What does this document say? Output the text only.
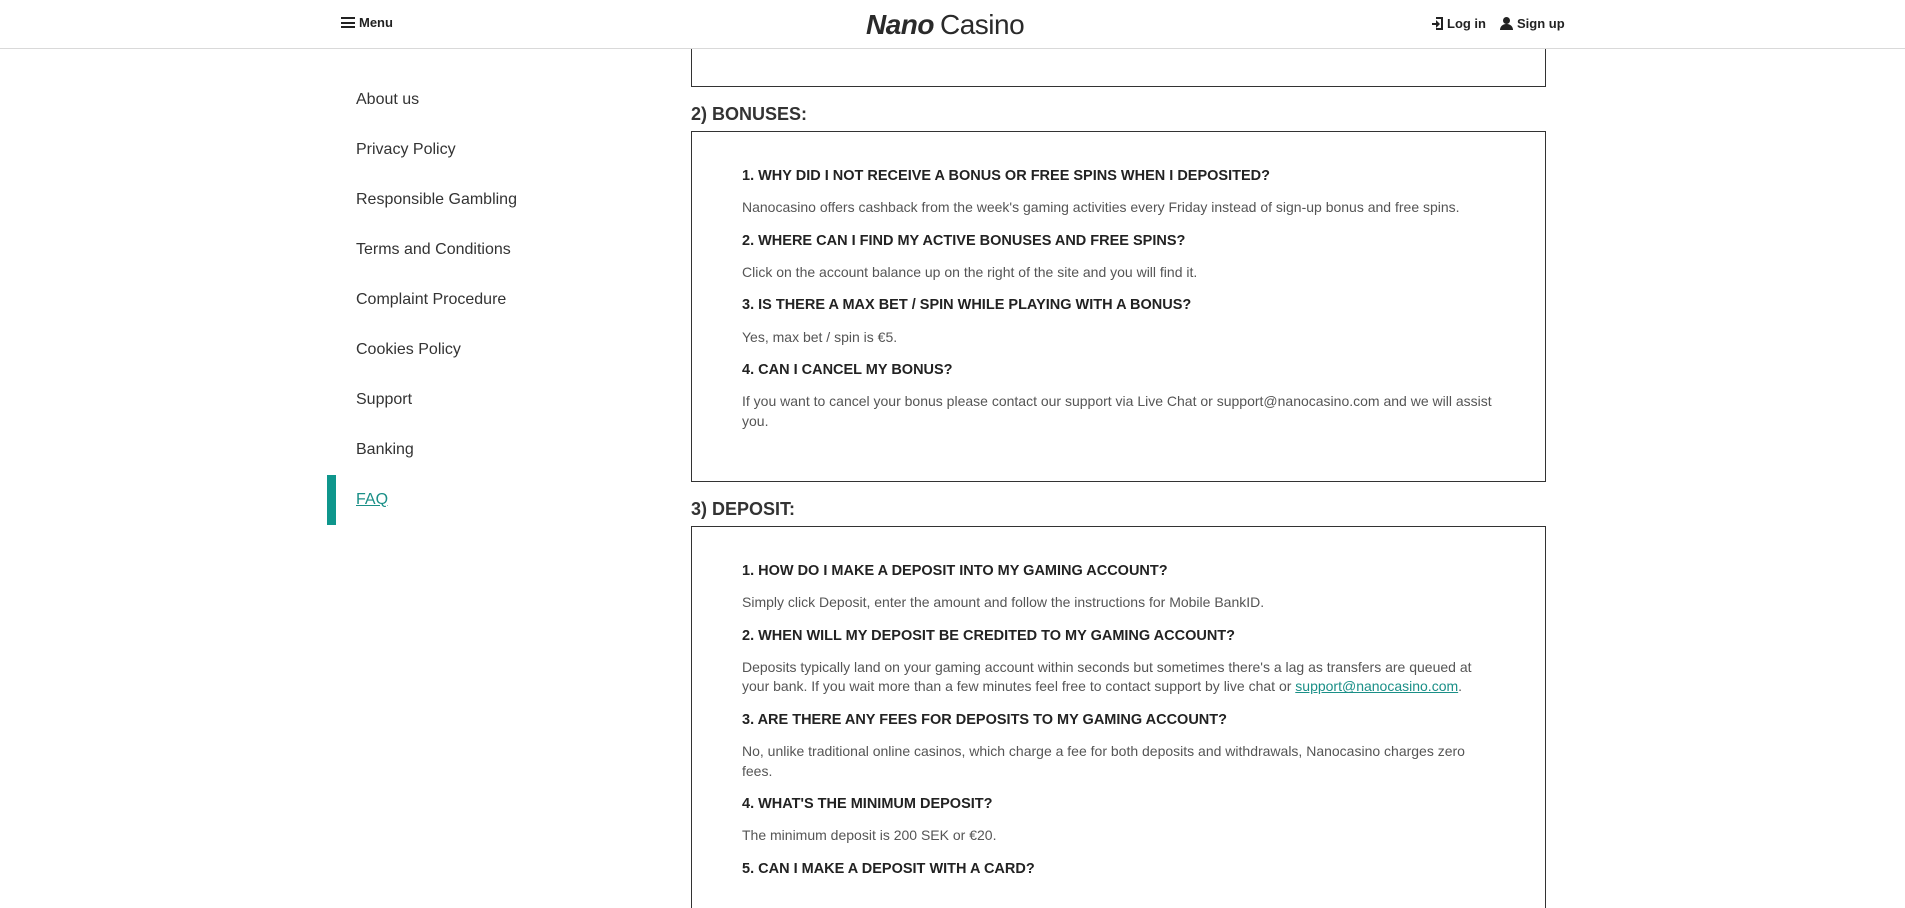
Menu	Nano Casino	Log in Sign up
About us
Privacy Policy
Responsible Gambling
Terms and Conditions
Complaint Procedure
Cookies Policy
Support
Banking
FAQ
2) BONUSES:
1. WHY DID I NOT RECEIVE A BONUS OR FREE SPINS WHEN I DEPOSITED?
Nanocasino offers cashback from the week's gaming activities every Friday instead of sign-up bonus and free spins.
2. WHERE CAN I FIND MY ACTIVE BONUSES AND FREE SPINS?
Click on the account balance up on the right of the site and you will find it.
3. IS THERE A MAX BET / SPIN WHILE PLAYING WITH A BONUS?
Yes, max bet / spin is €5.
4. CAN I CANCEL MY BONUS?
If you want to cancel your bonus please contact our support via Live Chat or support@nanocasino.com and we will assist you.
3) DEPOSIT:
1. HOW DO I MAKE A DEPOSIT INTO MY GAMING ACCOUNT?
Simply click Deposit, enter the amount and follow the instructions for Mobile BankID.
2. WHEN WILL MY DEPOSIT BE CREDITED TO MY GAMING ACCOUNT?
Deposits typically land on your gaming account within seconds but sometimes there's a lag as transfers are queued at your bank. If you wait more than a few minutes feel free to contact support by live chat or support@nanocasino.com.
3. ARE THERE ANY FEES FOR DEPOSITS TO MY GAMING ACCOUNT?
No, unlike traditional online casinos, which charge a fee for both deposits and withdrawals, Nanocasino charges zero fees.
4. WHAT'S THE MINIMUM DEPOSIT?
The minimum deposit is 200 SEK or €20.
5. CAN I MAKE A DEPOSIT WITH A CARD?
